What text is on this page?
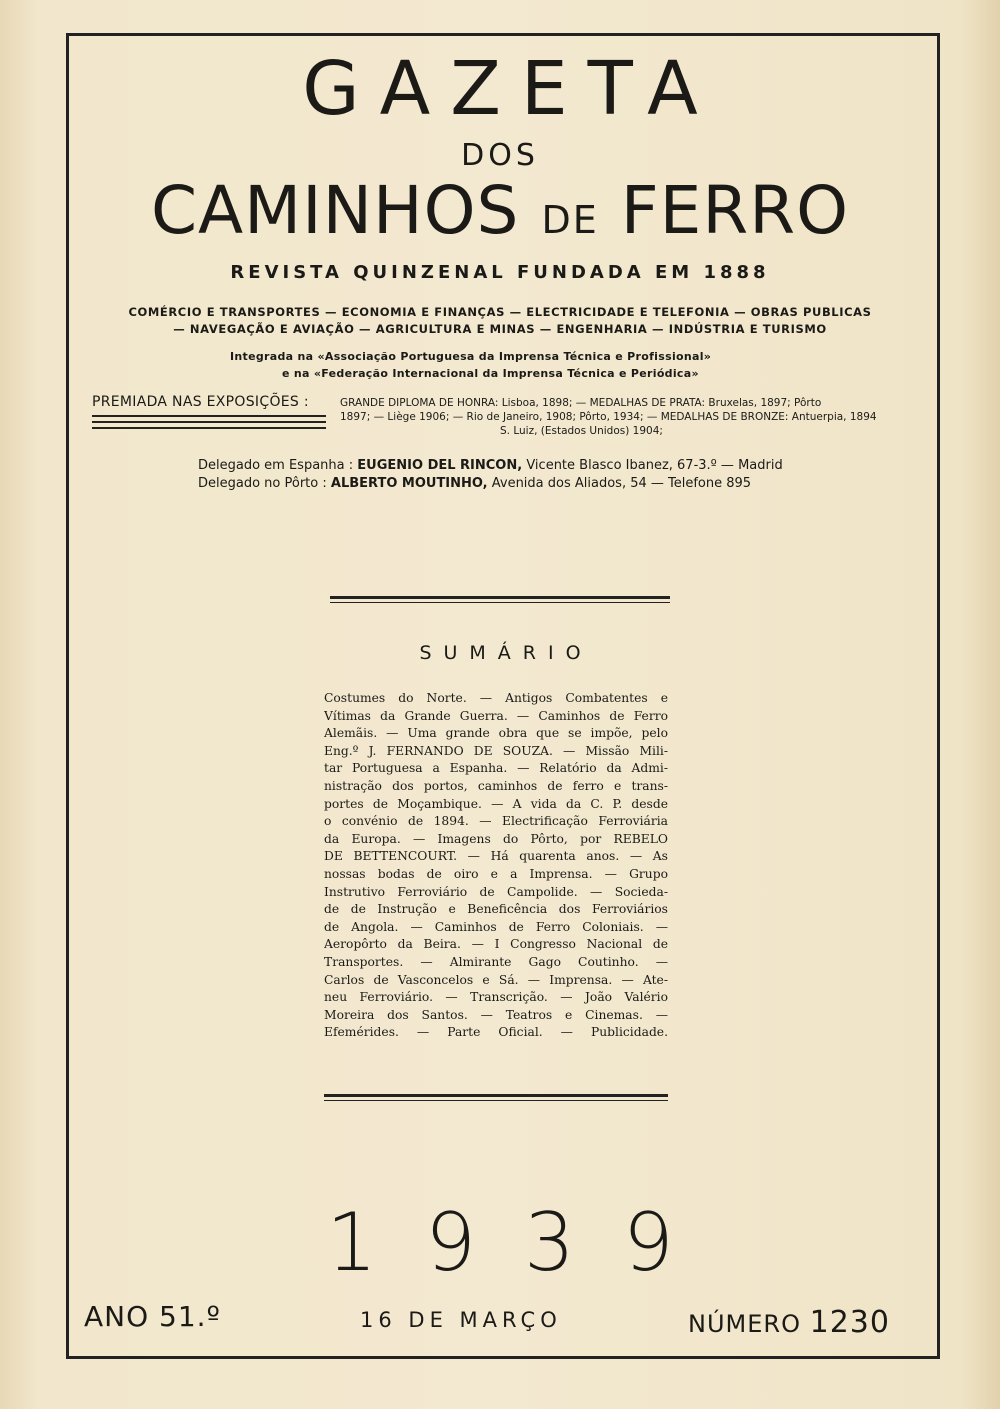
GAZETA
DOS
CAMINHOS DE FERRO
REVISTA QUINZENAL FUNDADA EM 1888
COMÉRCIO E TRANSPORTES — ECONOMIA E FINANÇAS — ELECTRICIDADE E TELEFONIA — OBRAS PUBLICAS
— NAVEGAÇÃO E AVIAÇÃO — AGRICULTURA E MINAS — ENGENHARIA — INDÚSTRIA E TURISMO
Integrada na «Associação Portuguesa da Imprensa Técnica e Profissional»
e na «Federação Internacional da Imprensa Técnica e Periódica»
PREMIADA NAS EXPOSIÇÕES :	GRANDE DIPLOMA DE HONRA: Lisboa, 1898; — MEDALHAS DE PRATA: Bruxelas, 1897; Pôrto
1897; — Liège 1906; — Rio de Janeiro, 1908; Pôrto, 1934; — MEDALHAS DE BRONZE: Antuerpia, 1894
S. Luiz, (Estados Unidos) 1904;
Delegado em Espanha : EUGENIO DEL RINCON, Vicente Blasco Ibanez, 67-3.º — Madrid
Delegado no Pôrto : ALBERTO MOUTINHO, Avenida dos Aliados, 54 — Telefone 895
SUMÁRIO
Costumes do Norte. — Antigos Combatentes e
Vítimas da Grande Guerra. — Caminhos de Ferro
Alemãis. — Uma grande obra que se impõe, pelo
Eng.º J. FERNANDO DE SOUZA. — Missão Mili-
tar Portuguesa a Espanha. — Relatório da Admi-
nistração dos portos, caminhos de ferro e trans-
portes de Moçambique. — A vida da C. P. desde
o convénio de 1894. — Electrificação Ferroviária
da Europa. — Imagens do Pôrto, por REBELO
DE BETTENCOURT. — Há quarenta anos. — As
nossas bodas de oiro e a Imprensa. — Grupo
Instrutivo Ferroviário de Campolide. — Socieda-
de de Instrução e Beneficência dos Ferroviários
de Angola. — Caminhos de Ferro Coloniais. —
Aeropôrto da Beira. — I Congresso Nacional de
Transportes. — Almirante Gago Coutinho. —
Carlos de Vasconcelos e Sá. — Imprensa. — Ate-
neu Ferroviário. — Transcrição. — João Valério
Moreira dos Santos. — Teatros e Cinemas. —
Efemérides. — Parte Oficial. — Publicidade.
1939
ANO 51.º	16 DE MARÇO	NÚMERO 1230
